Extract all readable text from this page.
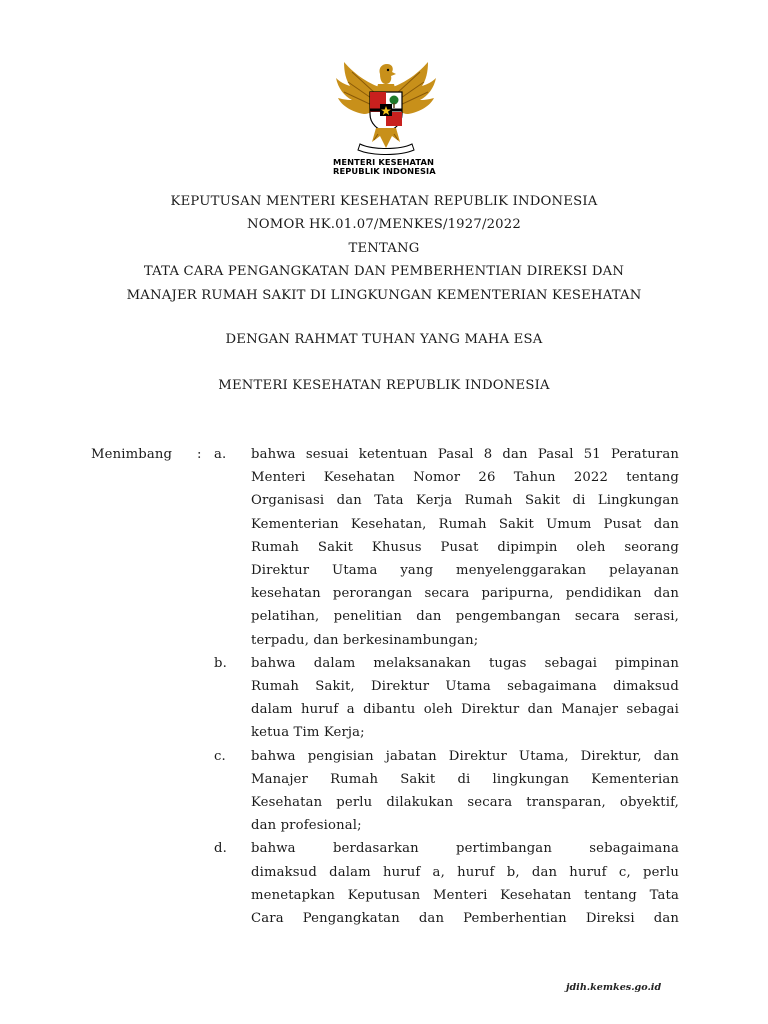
MENTERI KESEHATAN
REPUBLIK INDONESIA
KEPUTUSAN MENTERI KESEHATAN REPUBLIK INDONESIA
NOMOR HK.01.07/MENKES/1927/2022
TENTANG
TATA CARA PENGANGKATAN DAN PEMBERHENTIAN DIREKSI DAN
MANAJER RUMAH SAKIT DI LINGKUNGAN KEMENTERIAN KESEHATAN
DENGAN RAHMAT TUHAN YANG MAHA ESA
MENTERI KESEHATAN REPUBLIK INDONESIA
Menimbang : a. bahwa sesuai ketentuan Pasal 8 dan Pasal 51 Peraturan
Menteri Kesehatan Nomor 26 Tahun 2022 tentang
Organisasi dan Tata Kerja Rumah Sakit di Lingkungan
Kementerian Kesehatan, Rumah Sakit Umum Pusat dan
Rumah Sakit Khusus Pusat dipimpin oleh seorang
Direktur Utama yang menyelenggarakan pelayanan
kesehatan perorangan secara paripurna, pendidikan dan
pelatihan, penelitian dan pengembangan secara serasi,
terpadu, dan berkesinambungan;
b. bahwa dalam melaksanakan tugas sebagai pimpinan
Rumah Sakit, Direktur Utama sebagaimana dimaksud
dalam huruf a dibantu oleh Direktur dan Manajer sebagai
ketua Tim Kerja;
c. bahwa pengisian jabatan Direktur Utama, Direktur, dan
Manajer Rumah Sakit di lingkungan Kementerian
Kesehatan perlu dilakukan secara transparan, obyektif,
dan profesional;
d. bahwa berdasarkan pertimbangan sebagaimana
dimaksud dalam huruf a, huruf b, dan huruf c, perlu
menetapkan Keputusan Menteri Kesehatan tentang Tata
Cara Pengangkatan dan Pemberhentian Direksi dan
jdih.kemkes.go.id
